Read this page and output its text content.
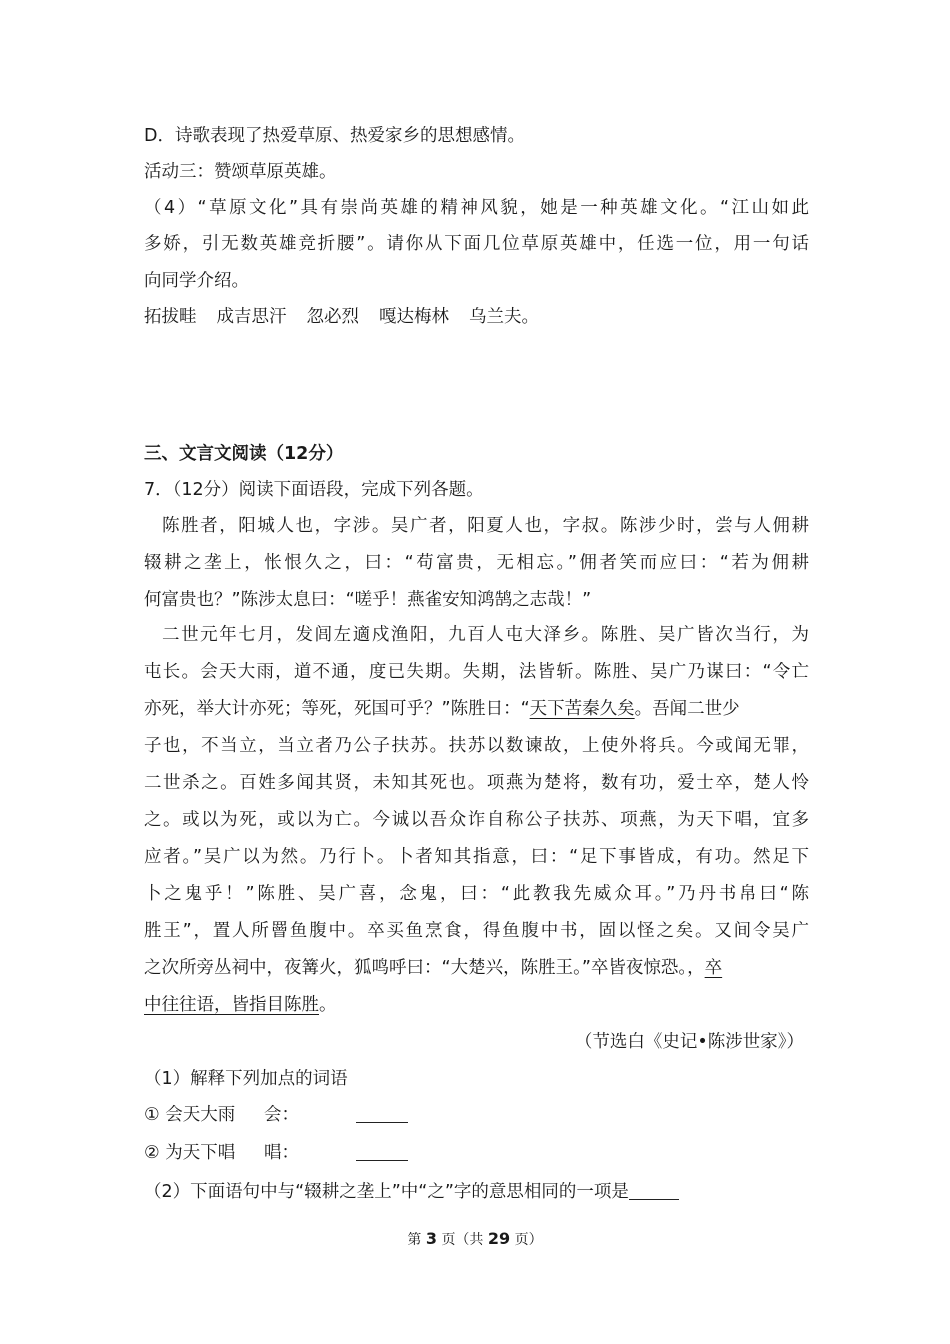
D．诗歌表现了热爱草原、热爱家乡的思想感情。
活动三：赞颂草原英雄。
（4）“草原文化”具有崇尚英雄的精神风貌，她是一种英雄文化。“江山如此
多娇，引无数英雄竞折腰”。请你从下面几位草原英雄中，任选一位，用一句话
向同学介绍。
拓拔畦 成吉思汗 忽必烈 嘎达梅林 乌兰夫。
三、文言文阅读（12分）
7．（12分）阅读下面语段，完成下列各题。
陈胜者，阳城人也，字涉。吴广者，阳夏人也，字叔。陈涉少时，尝与人佣耕
辍耕之垄上，怅恨久之，曰：“苟富贵，无相忘。”佣者笑而应曰：“若为佣耕
何富贵也？”陈涉太息曰：“嗟乎！燕雀安知鸿鹄之志哉！”
二世元年七月，发闾左適戍渔阳，九百人屯大泽乡。陈胜、吴广皆次当行，为
屯长。会天大雨，道不通，度已失期。失期，法皆斩。陈胜、吴广乃谋曰：“令亡
亦死，举大计亦死；等死，死国可乎？”陈胜日：“天下苦秦久矣。吾闻二世少
子也，不当立，当立者乃公子扶苏。扶苏以数谏故，上使外将兵。今或闻无罪，
二世杀之。百姓多闻其贤，未知其死也。项燕为楚将，数有功，爱士卒，楚人怜
之。或以为死，或以为亡。今诚以吾众诈自称公子扶苏、项燕，为天下唱，宜多
应者。”吴广以为然。乃行卜。卜者知其指意，曰：“足下事皆成，有功。然足下
卜之鬼乎！”陈胜、吴广喜，念鬼，曰：“此教我先威众耳。”乃丹书帛曰“陈
胜王”，置人所罾鱼腹中。卒买鱼烹食，得鱼腹中书，固以怪之矣。又间令吴广
之次所旁丛祠中，夜篝火，狐鸣呼曰：“大楚兴，陈胜王。”卒皆夜惊恐。，卒
中往往语，皆指目陈胜。
（节选白《史记•陈涉世家》）
（1）解释下列加点的词语
① 会天大雨 会：
② 为天下唱 唱：
（2）下面语句中与“辍耕之垄上”中“之”字的意思相同的一项是
第 3 页（共 29 页）
